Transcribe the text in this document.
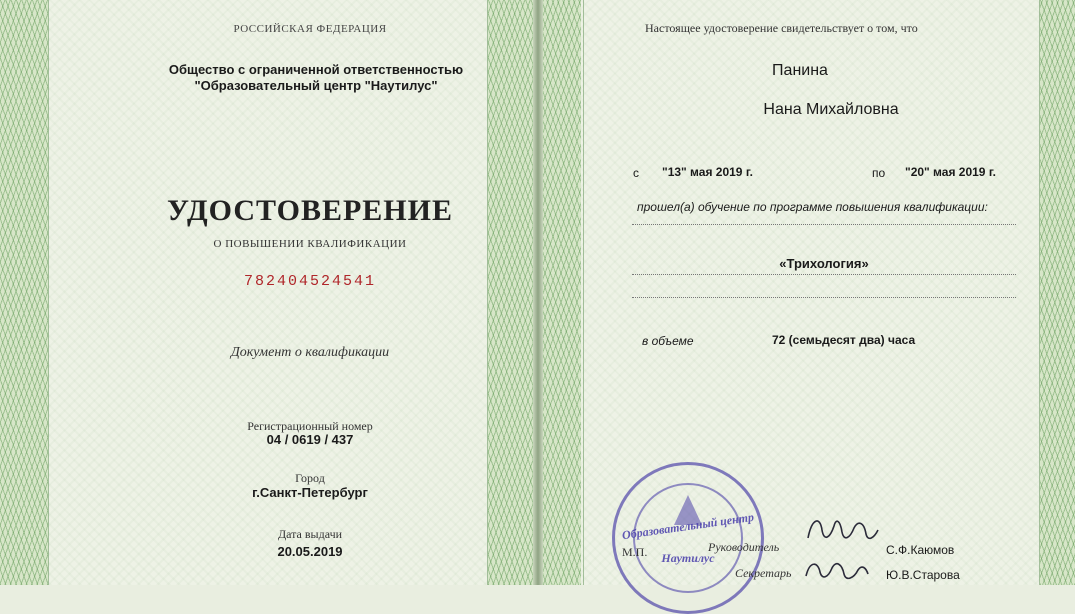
РОССИЙСКАЯ ФЕДЕРАЦИЯ
Общество с ограниченной ответственностью
"Образовательный центр "Наутилус"
УДОСТОВЕРЕНИЕ
О ПОВЫШЕНИИ КВАЛИФИКАЦИИ
782404524541
Документ о квалификации
Регистрационный номер
04 / 0619 / 437
Город
г.Санкт-Петербург
Дата выдачи
20.05.2019
Настоящее удостоверение свидетельствует о том, что
Панина
Нана Михайловна
с "13" мая 2019 г.	по "20" мая 2019 г.
прошел(а) обучение по программе повышения квалификации:
«Трихология»
в объеме	72 (семьдесят два) часа
Образовательный центр
Наутилус
М.П.	Руководитель
Секретарь
С.Ф.Каюмов
Ю.В.Старова
